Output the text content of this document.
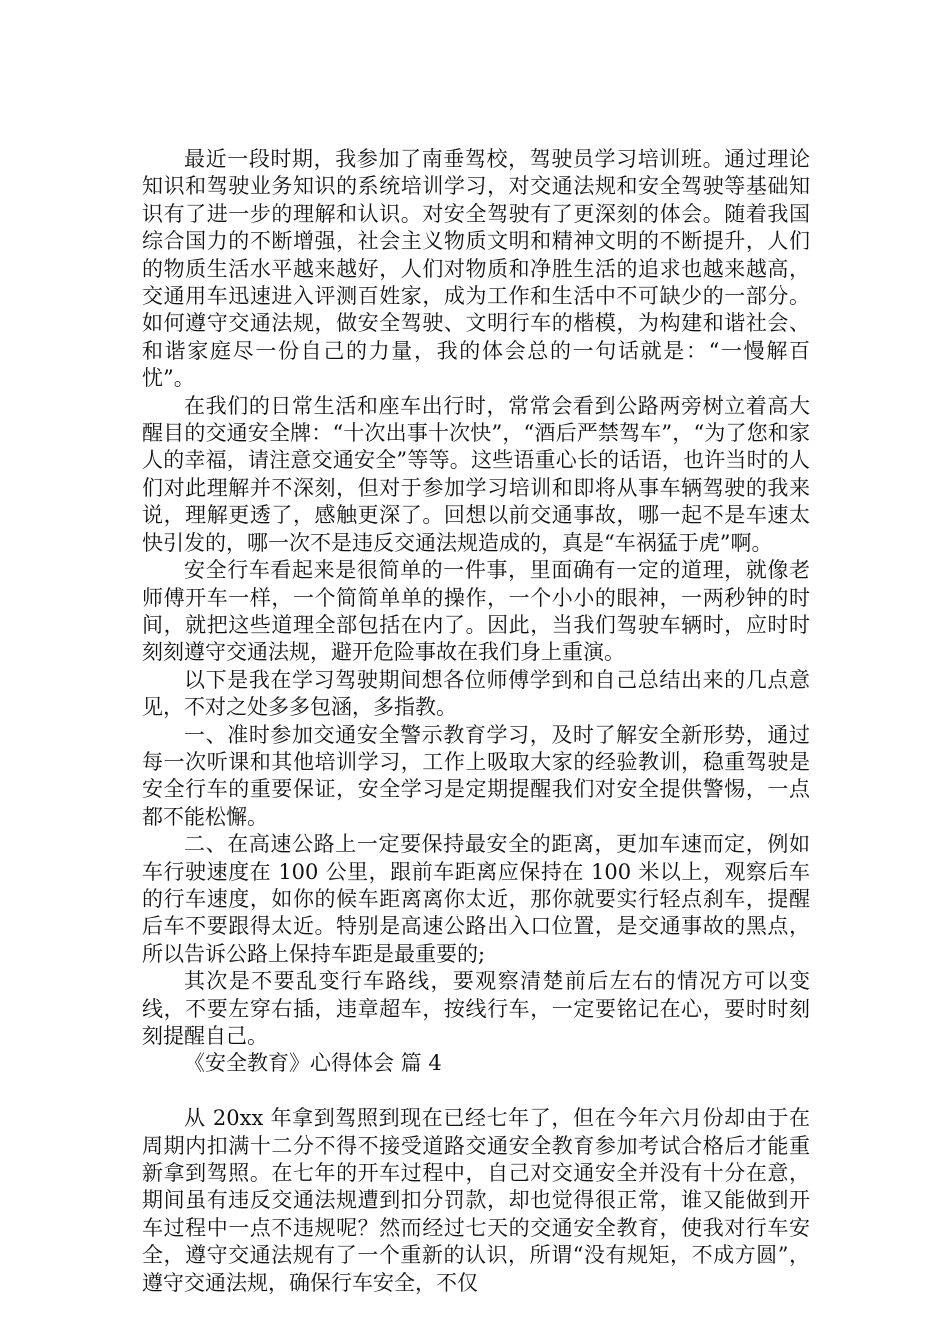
最近一段时期，我参加了南垂驾校，驾驶员学习培训班。通过理论知识和驾驶业务知识的系统培训学习，对交通法规和安全驾驶等基础知识有了进一步的理解和认识。对安全驾驶有了更深刻的体会。随着我国综合国力的不断增强，社会主义物质文明和精神文明的不断提升，人们的物质生活水平越来越好，人们对物质和净胜生活的追求也越来越高，交通用车迅速进入评测百姓家，成为工作和生活中不可缺少的一部分。如何遵守交通法规，做安全驾驶、文明行车的楷模，为构建和谐社会、和谐家庭尽一份自己的力量，我的体会总的一句话就是：“一慢解百忧”。

在我们的日常生活和座车出行时，常常会看到公路两旁树立着高大醒目的交通安全牌：“十次出事十次快”，“酒后严禁驾车”，“为了您和家人的幸福，请注意交通安全”等等。这些语重心长的话语，也许当时的人们对此理解并不深刻，但对于参加学习培训和即将从事车辆驾驶的我来说，理解更透了，感触更深了。回想以前交通事故，哪一起不是车速太快引发的，哪一次不是违反交通法规造成的，真是“车祸猛于虎”啊。

安全行车看起来是很简单的一件事，里面确有一定的道理，就像老师傅开车一样，一个简简单单的操作，一个小小的眼神，一两秒钟的时间，就把这些道理全部包括在内了。因此，当我们驾驶车辆时，应时时刻刻遵守交通法规，避开危险事故在我们身上重演。

以下是我在学习驾驶期间想各位师傅学到和自己总结出来的几点意见，不对之处多多包涵，多指教。

一、准时参加交通安全警示教育学习，及时了解安全新形势，通过每一次听课和其他培训学习，工作上吸取大家的经验教训，稳重驾驶是安全行车的重要保证，安全学习是定期提醒我们对安全提供警惕，一点都不能松懈。

二、在高速公路上一定要保持最安全的距离，更加车速而定，例如车行驶速度在 100 公里，跟前车距离应保持在 100 米以上，观察后车的行车速度，如你的候车距离离你太近，那你就要实行轻点刹车，提醒后车不要跟得太近。特别是高速公路出入口位置，是交通事故的黑点，所以告诉公路上保持车距是最重要的;

其次是不要乱变行车路线，要观察清楚前后左右的情况方可以变线，不要左穿右插，违章超车，按线行车，一定要铭记在心，要时时刻刻提醒自己。

《安全教育》心得体会 篇 4

从 20xx 年拿到驾照到现在已经七年了，但在今年六月份却由于在周期内扣满十二分不得不接受道路交通安全教育参加考试合格后才能重新拿到驾照。在七年的开车过程中，自己对交通安全并没有十分在意，期间虽有违反交通法规遭到扣分罚款，却也觉得很正常，谁又能做到开车过程中一点不违规呢？然而经过七天的交通安全教育，使我对行车安全，遵守交通法规有了一个重新的认识，所谓“没有规矩，不成方圆”，遵守交通法规，确保行车安全，不仅
